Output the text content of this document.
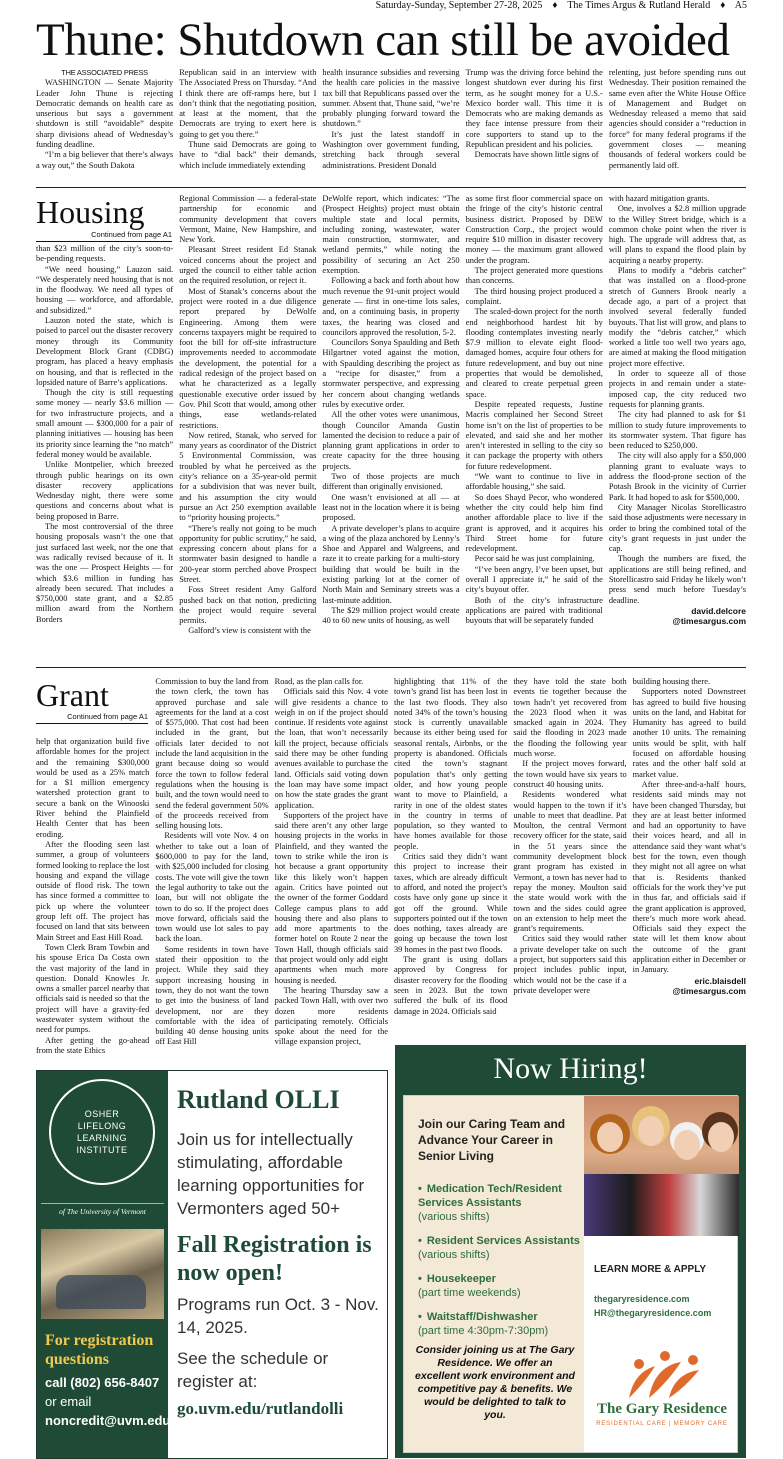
Saturday-Sunday, September 27-28, 2025 ♦ The Times Argus & Rutland Herald ♦ A5
Thune: Shutdown can still be avoided
THE ASSOCIATED PRESS

WASHINGTON — Senate Majority Leader John Thune is rejecting Democratic demands on health care as unserious but says a government shutdown is still “avoidable” despite sharp divisions ahead of Wednesday’s funding deadline.

“I’m a big believer that there’s always a way out,” the South Dakota

Republican said in an interview with The Associated Press on Thursday. “And I think there are off-ramps here, but I don’t think that the negotiating position, at least at the moment, that the Democrats are trying to exert here is going to get you there.”

Thune said Democrats are going to have to “dial back” their demands, which include immediately extending

health insurance subsidies and reversing the health care policies in the massive tax bill that Republicans passed over the summer. Absent that, Thune said, “we’re probably plunging forward toward the shutdown.”

It’s just the latest standoff in Washington over government funding, stretching back through several administrations. President Donald

Trump was the driving force behind the longest shutdown ever during his first term, as he sought money for a U.S.-Mexico border wall. This time it is Democrats who are making demands as they face intense pressure from their core supporters to stand up to the Republican president and his policies.

Democrats have shown little signs of

relenting, just before spending runs out Wednesday. Their position remained the same even after the White House Office of Management and Budget on Wednesday released a memo that said agencies should consider a “reduction in force” for many federal programs if the government closes — meaning thousands of federal workers could be permanently laid off.

Housing
Continued from page A1

than $23 million of the city’s soon-to-be-pending requests.

“We need housing,” Lauzon said. “We desperately need housing that is not in the floodway. We need all types of housing — workforce, and affordable, and subsidized.”

Lauzon noted the state, which is poised to parcel out the disaster recovery money through its Community Development Block Grant (CDBG) program, has placed a heavy emphasis on housing, and that is reflected in the lopsided nature of Barre’s applications.

Though the city is still requesting some money — nearly $3.6 million — for two infrastructure projects, and a small amount — $300,000 for a pair of planning initiatives — housing has been its priority since learning the “no match” federal money would be available.

Unlike Montpelier, which breezed through public hearings on its own disaster recovery applications Wednesday night, there were some questions and concerns about what is being proposed in Barre.

The most controversial of the three housing proposals wasn’t the one that just surfaced last week, nor the one that was radically revised because of it. It was the one — Prospect Heights — for which $3.6 million in funding has already been secured. That includes a $750,000 state grant, and a $2.85 million award from the Northern Borders

Regional Commission — a federal-state partnership for economic and community development that covers Vermont, Maine, New Hampshire, and New York.

Pleasant Street resident Ed Stanak voiced concerns about the project and urged the council to either table action on the required resolution, or reject it.

Most of Stanak’s concerns about the project were rooted in a due diligence report prepared by DeWolfe Engineering. Among them were concerns taxpayers might be required to foot the bill for off-site infrastructure improvements needed to accommodate the development, the potential for a radical redesign of the project based on what he characterized as a legally questionable executive order issued by Gov. Phil Scott that would, among other things, ease wetlands-related restrictions.

Now retired, Stanak, who served for many years as coordinator of the District 5 Environmental Commission, was troubled by what he perceived as the city’s reliance on a 35-year-old permit for a subdivision that was never built, and his assumption the city would pursue an Act 250 exemption available to “priority housing projects.”

“There’s really not going to be much opportunity for public scrutiny,” he said, expressing concern about plans for a stormwater basin designed to handle a 200-year storm perched above Prospect Street.

Foss Street resident Amy Galford pushed back on that notion, predicting the project would require several permits.

Galford’s view is consistent with the

DeWolfe report, which indicates: “The (Prospect Heights) project must obtain multiple state and local permits, including zoning, wastewater, water main construction, stormwater, and wetland permits,” while noting the possibility of securing an Act 250 exemption.

Following a back and forth about how much revenue the 91-unit project would generate — first in one-time lots sales, and, on a continuing basis, in property taxes, the hearing was closed and councilors approved the resolution, 5-2.

Councilors Sonya Spaulding and Beth Hilgartner voted against the motion, with Spaulding describing the project as a “recipe for disaster,” from a stormwater perspective, and expressing her concern about changing wetlands rules by executive order.

All the other votes were unanimous, though Councilor Amanda Gustin lamented the decision to reduce a pair of planning grant applications in order to create capacity for the three housing projects.

Two of those projects are much different than originally envisioned.

One wasn’t envisioned at all — at least not in the location where it is being proposed.

A private developer’s plans to acquire a wing of the plaza anchored by Lenny’s Shoe and Apparel and Walgreens, and raze it to create parking for a multi-story building that would be built in the existing parking lot at the corner of North Main and Seminary streets was a last-minute addition.

The $29 million project would create 40 to 60 new units of housing, as well

as some first floor commercial space on the fringe of the city’s historic central business district. Proposed by DEW Construction Corp., the project would require $10 million in disaster recovery money — the maximum grant allowed under the program.

The project generated more questions than concerns.

The third housing project produced a complaint.

The scaled-down project for the north end neighborhood hardest hit by flooding contemplates investing nearly $7.9 million to elevate eight flood-damaged homes, acquire four others for future redevelopment, and buy out nine properties that would be demolished, and cleared to create perpetual green space.

Despite repeated requests, Justine Macris complained her Second Street home isn’t on the list of properties to be elevated, and said she and her mother aren’t interested in selling to the city so it can package the property with others for future redevelopment.

“We want to continue to live in affordable housing,” she said.

So does Shayd Pecor, who wondered whether the city could help him find another affordable place to live if the grant is approved, and it acquires his Third Street home for future redevelopment.

Pecor said he was just complaining.

“I’ve been angry, I’ve been upset, but overall I appreciate it,” he said of the city’s buyout offer.

Both of the city’s infrastructure applications are paired with traditional buyouts that will be separately funded

with hazard mitigation grants.

One, involves a $2.8 million upgrade to the Willey Street bridge, which is a common choke point when the river is high. The upgrade will address that, as will plans to expand the flood plain by acquiring a nearby property.

Plans to modify a “debris catcher” that was installed on a flood-prone stretch of Gunners Brook nearly a decade ago, a part of a project that involved several federally funded buyouts. That list will grow, and plans to modify the “debris catcher,” which worked a little too well two years ago, are aimed at making the flood mitigation project more effective.

In order to squeeze all of those projects in and remain under a state-imposed cap, the city reduced two requests for planning grants.

The city had planned to ask for $1 million to study future improvements to its stormwater system. That figure has been reduced to $250,000.

The city will also apply for a $50,000 planning grant to evaluate ways to address the flood-prone section of the Potash Brook in the vicinity of Currier Park. It had hoped to ask for $500,000.

City Manager Nicolas Storellicastro said those adjustments were necessary in order to bring the combined total of the city’s grant requests in just under the cap.

Though the numbers are fixed, the applications are still being refined, and Storellicastro said Friday he likely won’t press send much before Tuesday’s deadline.

david.delcore

@timesargus.com

Grant
Continued from page A1

help that organization build five affordable homes for the project and the remaining $300,000 would be used as a 25% match for a $1 million emergency watershed protection grant to secure a bank on the Winooski River behind the Plainfield Health Center that has been eroding.

After the flooding seen last summer, a group of volunteers formed looking to replace the lost housing and expand the village outside of flood risk. The town has since formed a committee to pick up where the volunteer group left off. The project has focused on land that sits between Main Street and East Hill Road.

Town Clerk Bram Towbin and his spouse Erica Da Costa own the vast majority of the land in question. Donald Knowles Jr. owns a smaller parcel nearby that officials said is needed so that the project will have a gravity-fed wastewater system without the need for pumps.

After getting the go-ahead from the state Ethics

Commission to buy the land from the town clerk, the town has approved purchase and sale agreements for the land at a cost of $575,000. That cost had been included in the grant, but officials later decided to not include the land acquisition in the grant because doing so would force the town to follow federal regulations when the housing is built, and the town would need to send the federal government 50% of the proceeds received from selling housing lots.

Residents will vote Nov. 4 on whether to take out a loan of $600,000 to pay for the land, with $25,000 included for closing costs. The vote will give the town the legal authority to take out the loan, but will not obligate the town to do so. If the project does move forward, officials said the town would use lot sales to pay back the loan.

Some residents in town have stated their opposition to the project. While they said they support increasing housing in town, they do not want the town to get into the business of land development, nor are they comfortable with the idea of building 40 dense housing units off East Hill

Road, as the plan calls for.

Officials said this Nov. 4 vote will give residents a chance to weigh in on if the project should continue. If residents vote against the loan, that won’t necessarily kill the project, because officials said there may be other funding avenues available to purchase the land. Officials said voting down the loan may have some impact on how the state grades the grant application.

Supporters of the project have said there aren’t any other large housing projects in the works in Plainfield, and they wanted the town to strike while the iron is hot because a grant opportunity like this likely won’t happen again. Critics have pointed out the owner of the former Goddard College campus plans to add housing there and also plans to add more apartments to the former hotel on Route 2 near the Town Hall, though officials said that project would only add eight apartments when much more housing is needed.

The hearing Thursday saw a packed Town Hall, with over two dozen more residents participating remotely. Officials spoke about the need for the village expansion project,

highlighting that 11% of the town’s grand list has been lost in the last two floods. They also noted 34% of the town’s housing stock is currently unavailable because its either being used for seasonal rentals, Airbnbs, or the property is abandoned. Officials cited the town’s stagnant population that’s only getting older, and how young people want to move to Plainfield, a rarity in one of the oldest states in the country in terms of population, so they wanted to have homes available for those people.

Critics said they didn’t want this project to increase their taxes, which are already difficult to afford, and noted the project’s costs have only gone up since it got off the ground. While supporters pointed out if the town does nothing, taxes already are going up because the town lost 39 homes in the past two floods.

The grant is using dollars approved by Congress for disaster recovery for the flooding seen in 2023. But the town suffered the bulk of its flood damage in 2024. Officials said

they have told the state both events tie together because the town hadn’t yet recovered from the 2023 flood when it was smacked again in 2024. They said the flooding in 2023 made the flooding the following year much worse.

If the project moves forward, the town would have six years to construct 40 housing units.

Residents wondered what would happen to the town if it’s unable to meet that deadline. Pat Moulton, the central Vermont recovery officer for the state, said in the 51 years since the community development block grant program has existed in Vermont, a town has never had to repay the money. Moulton said the state would work with the town and the sides could agree on an extension to help meet the grant’s requirements.

Critics said they would rather a private developer take on such a project, but supporters said this project includes public input, which would not be the case if a private developer were

building housing there.

Supporters noted Downstreet has agreed to build five housing units on the land, and Habitat for Humanity has agreed to build another 10 units. The remaining units would be split, with half focused on affordable housing rates and the other half sold at market value.

After three-and-a-half hours, residents said minds may not have been changed Thursday, but they are at least better informed and had an opportunity to have their voices heard, and all in attendance said they want what’s best for the town, even though they might not all agree on what that is. Residents thanked officials for the work they’ve put in thus far, and officials said if the grant application is approved, there’s much more work ahead. Officials said they expect the state will let them know about the outcome of the grant application either in December or in January.

eric.blaisdell

@timesargus.com

OSHER
LIFELONG
LEARNING
INSTITUTE
of The University of Vermont
For registration questions
call (802) 656-8407
or email
noncredit@uvm.edu
Rutland OLLI
Join us for intellectually stimulating, affordable learning opportunities for Vermonters aged 50+
Fall Registration is now open!
Programs run Oct. 3 - Nov. 14, 2025.
See the schedule or register at:
go.uvm.edu/rutlandolli
Now Hiring!
Join our Caring Team and Advance Your Career in Senior Living
• Medication Tech/Resident Services Assistants
(various shifts)
• Resident Services Assistants
(various shifts)
• Housekeeper
(part time weekends)
• Waitstaff/Dishwasher
(part time 4:30pm-7:30pm)
Consider joining us at The Gary Residence. We offer an excellent work environment and competitive pay & benefits. We would be delighted to talk to you.
LEARN MORE & APPLY
thegaryresidence.com
HR@thegaryresidence.com
The Gary Residence
RESIDENTIAL CARE | MEMORY CARE
